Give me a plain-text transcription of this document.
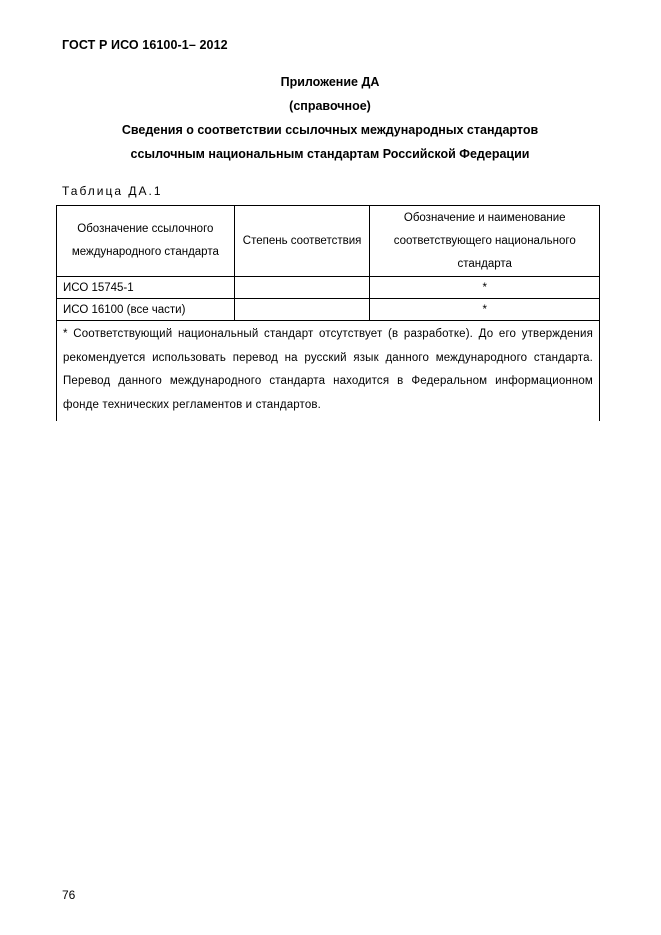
ГОСТ Р ИСО 16100-1– 2012
Приложение ДА
(справочное)
Сведения о соответствии ссылочных международных стандартов
ссылочным национальным стандартам Российской Федерации
Таблица ДА.1
Обозначение ссылочного международного стандарта	Степень соответствия	Обозначение и наименование соответствующего национального стандарта
ИСО 15745-1		*
ИСО 16100 (все части)		*
* Соответствующий национальный стандарт отсутствует (в разработке). До его утверждения рекомендуется использовать перевод на русский язык данного международного стандарта. Перевод данного международного стандарта находится в Федеральном информационном фонде технических регламентов и стандартов.		
76
